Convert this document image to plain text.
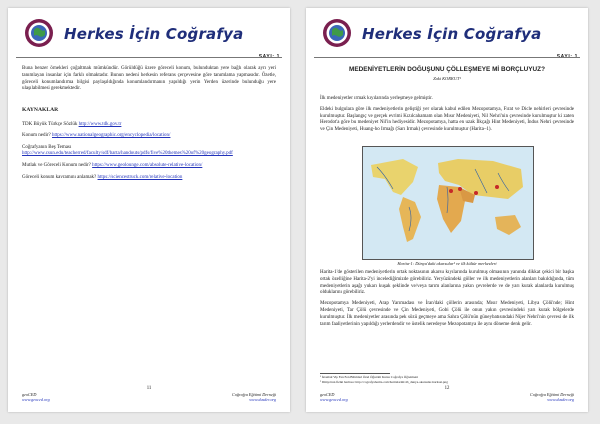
Herkes İçin Coğrafya
SAYI: 1

Buna benzer örnekleri çoğaltmak mümkündür. Görüldüğü üzere göreceli konum, bulunduktan yere bağlı olarak ayrı yeri tanımlayan insanlar için farklı olmaktadır. Bunun nedeni herkesin referans çerçevesine göre tanımlama yapmasıdır. Özetle, göreceli konumlandırma bilgisi paylaşıldığında konumlandırmanın yapıldığı yerin Yerden üzerinde bulunduğu yere ulaşılabilmesi gerekmektedir.

KAYNAKLAR

TDK Büyük Türkçe Sözlük http://www.tdk.gov.tr

Konum nedir? https://www.nationalgeographic.org/encyclopedia/location/

Coğrafyanın Beş Teması
http://www.csun.edu/teacherred/faculty/sdf/barta/handouts/pdfs/five%20themes%20of%20geography.pdf

Mutlak ve Göreceli Konum nedir? https://www.geolounge.com/absolute-relative-location/

Göreceli konum kavramını anlamak? https://sciencestruck.com/relative-location

11
geoCED
www.geoced.org
Coğrafya Eğitimi Derneği
www.dusder.org
Herkes İçin Coğrafya
SAYI: 1
MEDENİYETLERİN DOĞUŞUNU ÇÖLLEŞMEYE Mİ BORÇLUYUZ?
Zaki KORKUT¹

İlk medeniyetler ırmak kıyılarında yerleşmeye gelmiştir.

Eldeki bulgulara göre ilk medeniyetlerin geliştiği yer olarak kabul edilen Mezopotamya, Fırat ve Dicle nehirleri çevresinde kurulmuştur. Başlangıç ve gerçek evrimi Kızılcahamam olan Mısır Medeniyeti, Nil Nehri'nin çevresinde kurulmuştur ki zaten Herodot'a göre bu medeniyet Nil'in hediyesidir. Mezopotamya, hatta en uzak İlkçağı Hint Medeniyeti, İndus Nehri çevresinde ve Çin Medeniyeti, Huang-ho Irmağı (Sarı Irmak) çevresinde kurulmuştur (Harita–1).

Harita-1: Dünya'daki akarsular¹ ve ilk kültür merkezleri

Harita-1'de gösterilen medeniyetlerin ortak noktasının akarsu kıyılarında kurulmuş olmasının yanında dikkat çekici bir başka ortak özelliğine Harita-2'yi incelediğimizde görebiliriz. Yeryüzündeki göller ve ilk medeniyetlerin alanları bakıldığında, tüm medeniyetlerin aşağı yukarı kuşak şeklinde ve/veya tarım alanlarına yakın çevrelerde ve de yarı kurak alanlarda kurulmuş olduklarını görebiliriz.

Mezopotamya Medeniyeti, Arap Yarımadası ve İran'daki çöllerin arasında; Mısır Medeniyeti, Libya Çölü'nde; Hint Medeniyeti, Tar Çölü çevresinde ve Çin Medeniyeti, Gobi Çölü ile onun yakın çevresindeki yarı kurak bölgelerde kurulmuştur. İlk medeniyetler arasında pek sözü geçmeye ama Sahra Çölü'nün güneybatısındaki Nijer Nehri'nin çevresi de ilk tarım faaliyetlerinin yapıldığı yerlerdendir ve üstelik neredeyse Mezopotamya ile aynı döneme denk gelir.

¹ İstanbul Vip Fen Fen Bilimleri Özel Öğretim Kursu Coğrafya Öğretmeni
² Dünya'nın fiziki haritası: http://cografyaharita.com/haritalarim/4b_dunya-akarsular-haritasi.png
12
geoCED
www.geoced.org
Coğrafya Eğitimi Derneği
www.dusder.org
